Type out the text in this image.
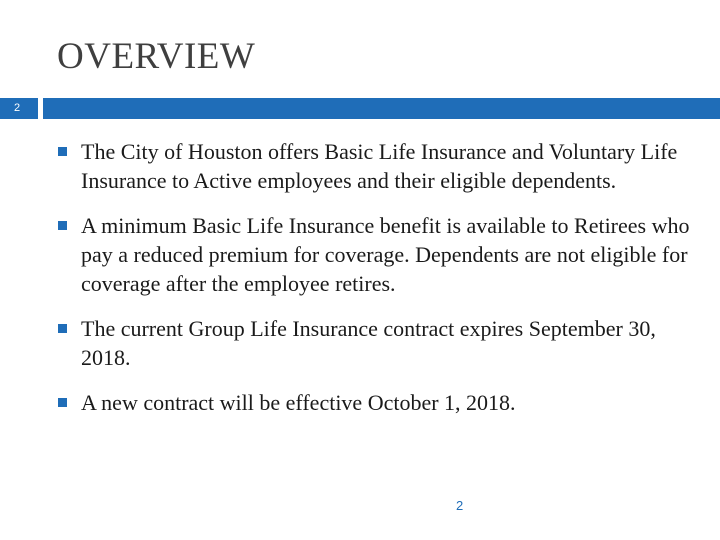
OVERVIEW
2
The City of Houston offers Basic Life Insurance and Voluntary Life Insurance to Active employees and their eligible dependents.
A minimum Basic Life Insurance benefit is available to Retirees who pay a reduced premium for coverage. Dependents are not eligible for coverage after the employee retires.
The current Group Life Insurance contract expires September 30, 2018.
A new contract will be effective October 1, 2018.
2
